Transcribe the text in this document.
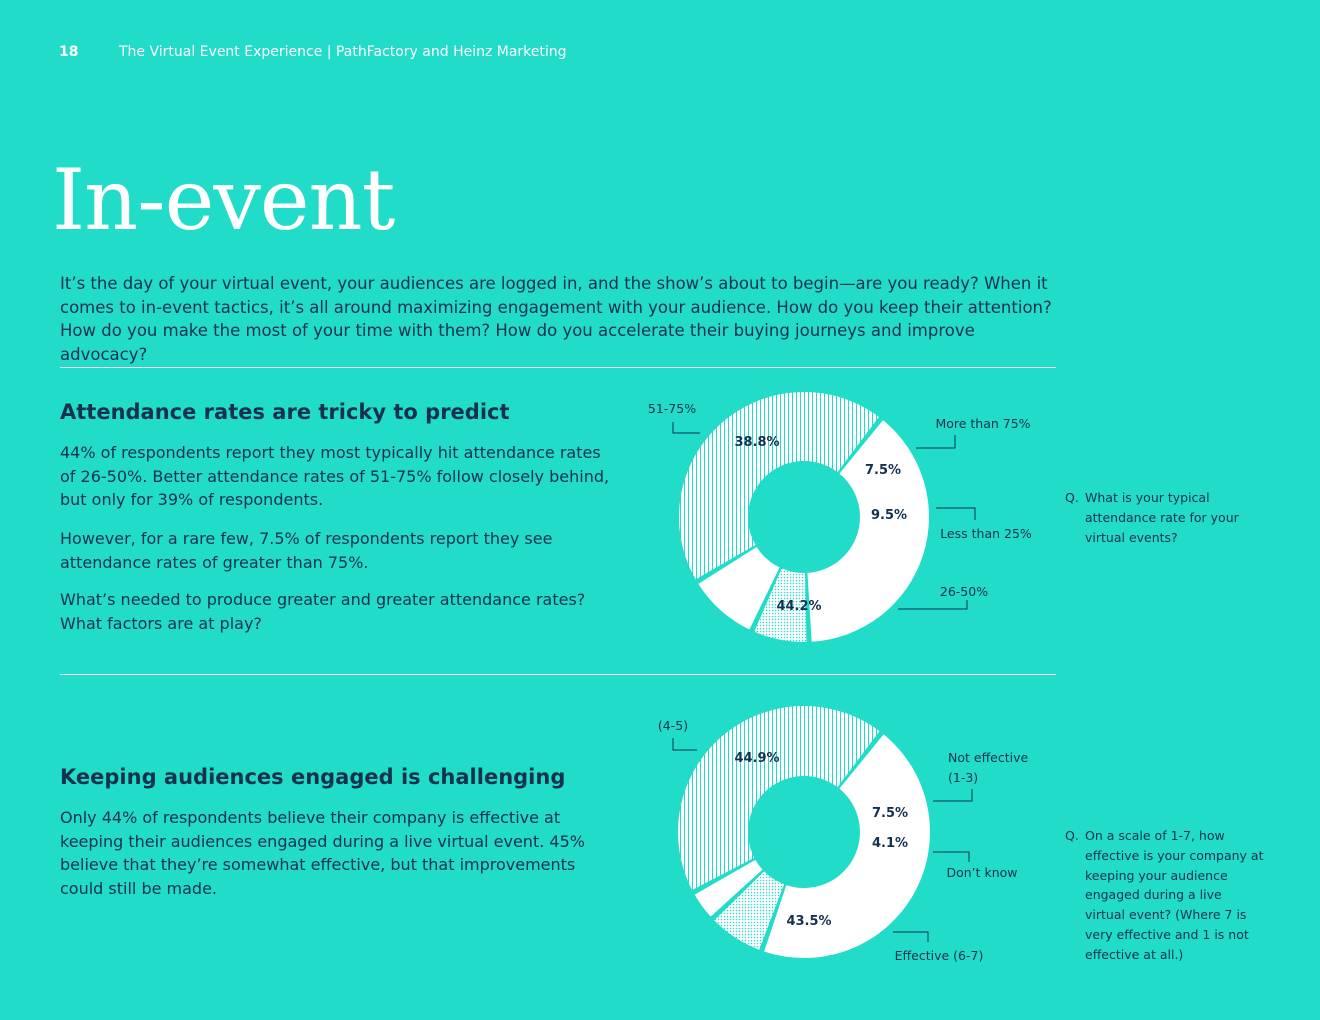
18	The Virtual Event Experience | PathFactory and Heinz Marketing
In-event

It’s the day of your virtual event, your audiences are logged in, and the show’s about to begin—are you ready? When it comes to in-event tactics, it’s all around maximizing engagement with your audience. How do you keep their attention? How do you make the most of your time with them? How do you accelerate their buying journeys and improve advocacy?

Attendance rates are tricky to predict

44% of respondents report they most typically hit attendance rates of 26-50%. Better attendance rates of 51-75% follow closely behind, but only for 39% of respondents.

However, for a rare few, 7.5% of respondents report they see attendance rates of greater than 75%.

What’s needed to produce greater and greater attendance rates? What factors are at play?

Q. What is your typical attendance rate for your virtual events?
Keeping audiences engaged is challenging

Only 44% of respondents believe their company is effective at keeping their audiences engaged during a live virtual event. 45% believe that they’re somewhat effective, but that improvements could still be made.

Q. On a scale of 1-7, how effective is your company at keeping your audience engaged during a live virtual event? (Where 7 is very effective and 1 is not effective at all.)
38.8%
7.5%
9.5%
44.2%
51-75%
More than 75%
Less than 25%
26-50%
44.9%
7.5%
4.1%
43.5%
(4-5)
Not effective
(1-3)
Don’t know
Effective (6-7)
